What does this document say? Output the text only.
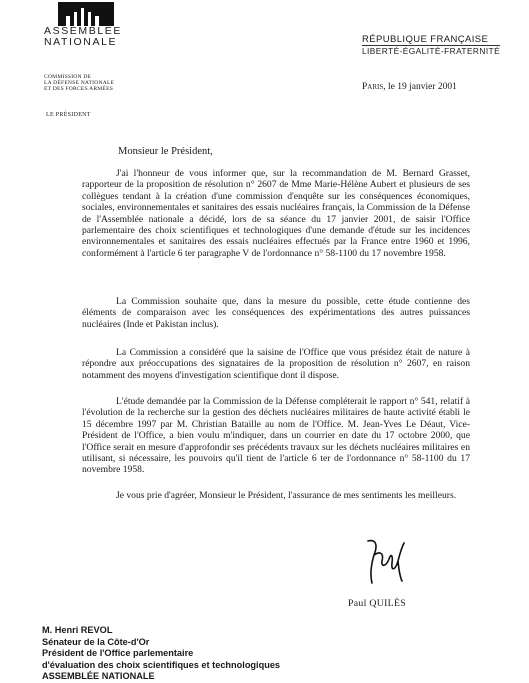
ASSEMBLÉE
NATIONALE	RÉPUBLIQUE FRANÇAISE
LIBERTÉ-ÉGALITÉ-FRATERNITÉ
COMMISSION DE
LA DÉFENSE NATIONALE
ET DES FORCES ARMÉES
LE PRÉSIDENT
Paris, le 19 janvier 2001
Monsieur le Président,
J'ai l'honneur de vous informer que, sur la recommandation de M. Bernard Grasset, rapporteur de la proposition de résolution n° 2607 de Mme Marie-Hélène Aubert et plusieurs de ses collègues tendant à la création d'une commission d'enquête sur les conséquences économiques, sociales, environnementales et sanitaires des essais nucléaires français, la Commission de la Défense de l'Assemblée nationale a décidé, lors de sa séance du 17 janvier 2001, de saisir l'Office parlementaire des choix scientifiques et technologiques d'une demande d'étude sur les incidences environnementales et sanitaires des essais nucléaires effectués par la France entre 1960 et 1996, conformément à l'article 6 ter paragraphe V de l'ordonnance n° 58-1100 du 17 novembre 1958.
La Commission souhaite que, dans la mesure du possible, cette étude contienne des éléments de comparaison avec les conséquences des expérimentations des autres puissances nucléaires (Inde et Pakistan inclus).
La Commission a considéré que la saisine de l'Office que vous présidez était de nature à répondre aux préoccupations des signataires de la proposition de résolution n° 2607, en raison notamment des moyens d'investigation scientifique dont il dispose.
L'étude demandée par la Commission de la Défense compléterait le rapport n° 541, relatif à l'évolution de la recherche sur la gestion des déchets nucléaires militaires de haute activité établi le 15 décembre 1997 par M. Christian Bataille au nom de l'Office. M. Jean-Yves Le Déaut, Vice-Président de l'Office, a bien voulu m'indiquer, dans un courrier en date du 17 octobre 2000, que l'Office serait en mesure d'approfondir ses précédents travaux sur les déchets nucléaires militaires en utilisant, si nécessaire, les pouvoirs qu'il tient de l'article 6 ter de l'ordonnance n° 58-1100 du 17 novembre 1958.
Je vous prie d'agréer, Monsieur le Président, l'assurance de mes sentiments les meilleurs.
Paul QUILÈS
M. Henri REVOL
Sénateur de la Côte-d'Or
Président de l'Office parlementaire
d'évaluation des choix scientifiques et technologiques
ASSEMBLÉE NATIONALE
